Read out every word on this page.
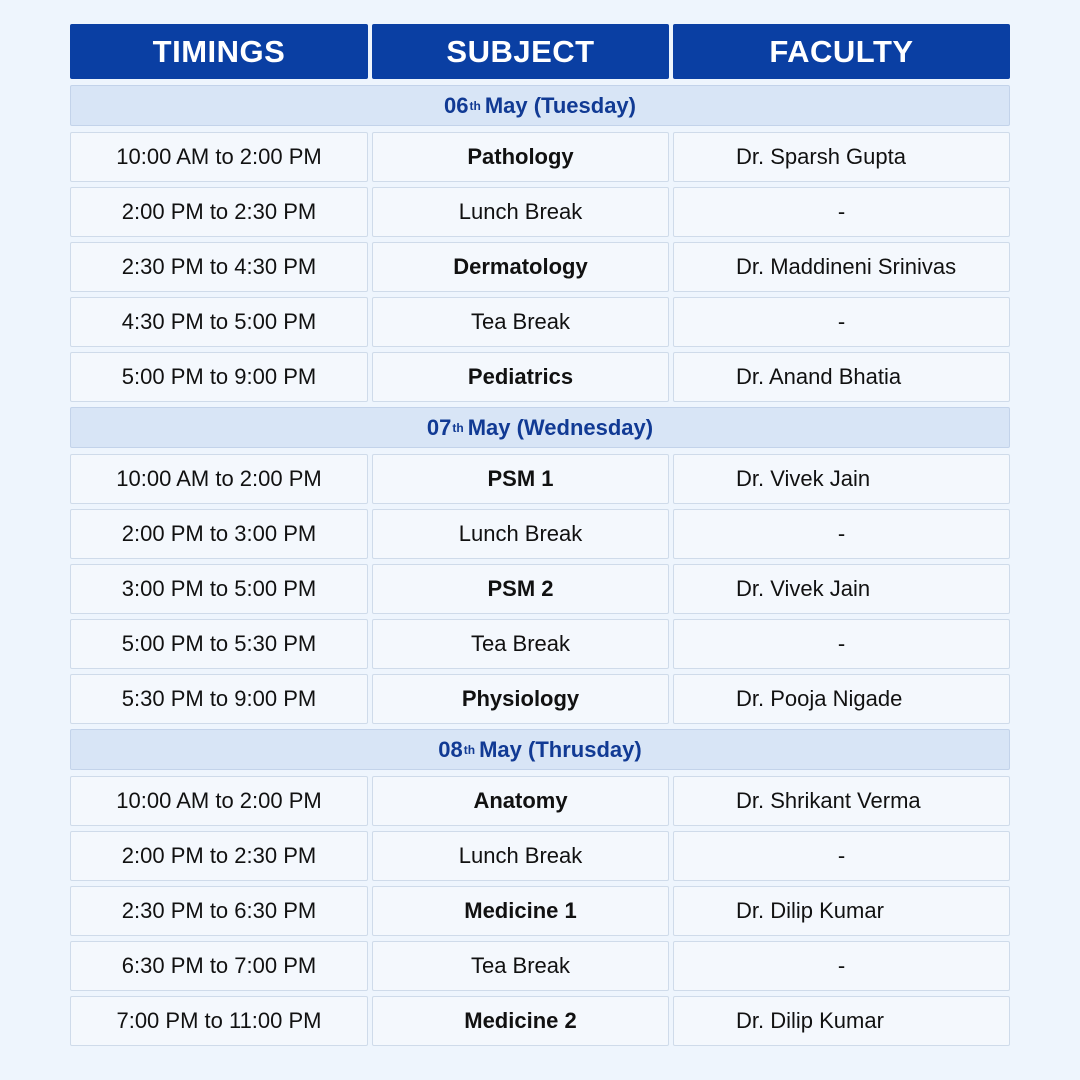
TIMINGS	SUBJECT	FACULTY
06 th May (Tuesday)
10:00 AM to 2:00 PM	Pathology	Dr. Sparsh Gupta
2:00 PM to 2:30 PM	Lunch Break	-
2:30 PM to 4:30 PM	Dermatology	Dr. Maddineni Srinivas
4:30 PM to 5:00 PM	Tea Break	-
5:00 PM to 9:00 PM	Pediatrics	Dr. Anand Bhatia
07 th May (Wednesday)
10:00 AM to 2:00 PM	PSM 1	Dr. Vivek Jain
2:00 PM to 3:00 PM	Lunch Break	-
3:00 PM to 5:00 PM	PSM 2	Dr. Vivek Jain
5:00 PM to 5:30 PM	Tea Break	-
5:30 PM to 9:00 PM	Physiology	Dr. Pooja Nigade
08 th May (Thrusday)
10:00 AM to 2:00 PM	Anatomy	Dr. Shrikant Verma
2:00 PM to 2:30 PM	Lunch Break	-
2:30 PM to 6:30 PM	Medicine 1	Dr. Dilip Kumar
6:30 PM to 7:00 PM	Tea Break	-
7:00 PM to 11:00 PM	Medicine 2	Dr. Dilip Kumar
